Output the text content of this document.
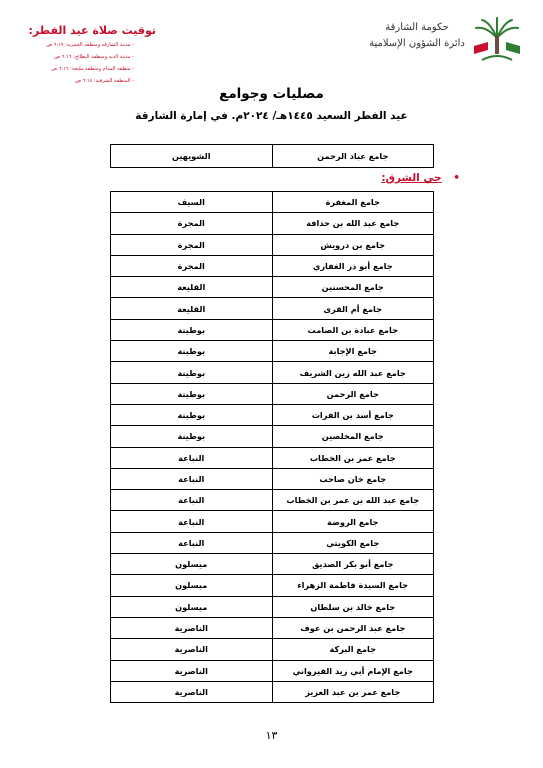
توقيت صلاة عيد الفطر:
- مدينة الشارقة ومنطقة الحمرية: ٦:١٧ ص
- مدينة الذيد ومنطقة البطائح: ٦:١٦ ص
- منطقة المدام ومنطقة مليحة: ٦:١٦ ص
- المنطقة الشرقية: ٦:١٤ ص
حكومة الشارقة
دائرة الشؤون الإسلامية
مصليات وجوامع
عيد الفطر السعيد ١٤٤٥هـ/ ٢٠٢٤م. في إمارة الشارقة
جامع عباد الرحمن	الشويهين
• حي الشرق:
جامع المغفرة	السيف
جامع عبد الله بن حذافة	المجرة
جامع بن درويش	المجرة
جامع أبو ذر الغفاري	المجرة
جامع المحسنين	القليعة
جامع أم القرى	القليعة
جامع عبادة بن الصامت	بوطينة
جامع الإجابة	بوطينة
جامع عبد الله زين الشريف	بوطينة
جامع الرحمن	بوطينة
جامع أسد بن الفرات	بوطينة
جامع المخلصين	بوطينة
جامع عمر بن الخطاب	النباعة
جامع خان صاحب	النباعة
جامع عبد الله بن عمر بن الخطاب	النباعة
جامع الروضة	النباعة
جامع الكويتي	النباعة
جامع أبو بكر الصديق	ميسلون
جامع السيدة فاطمة الزهراء	ميسلون
جامع خالد بن سلطان	ميسلون
جامع عبد الرحمن بن عوف	الناصرية
جامع البركة	الناصرية
جامع الإمام أبي زيد القيرواني	الناصرية
جامع عمر بن عبد العزيز	الناصرية
١٣
